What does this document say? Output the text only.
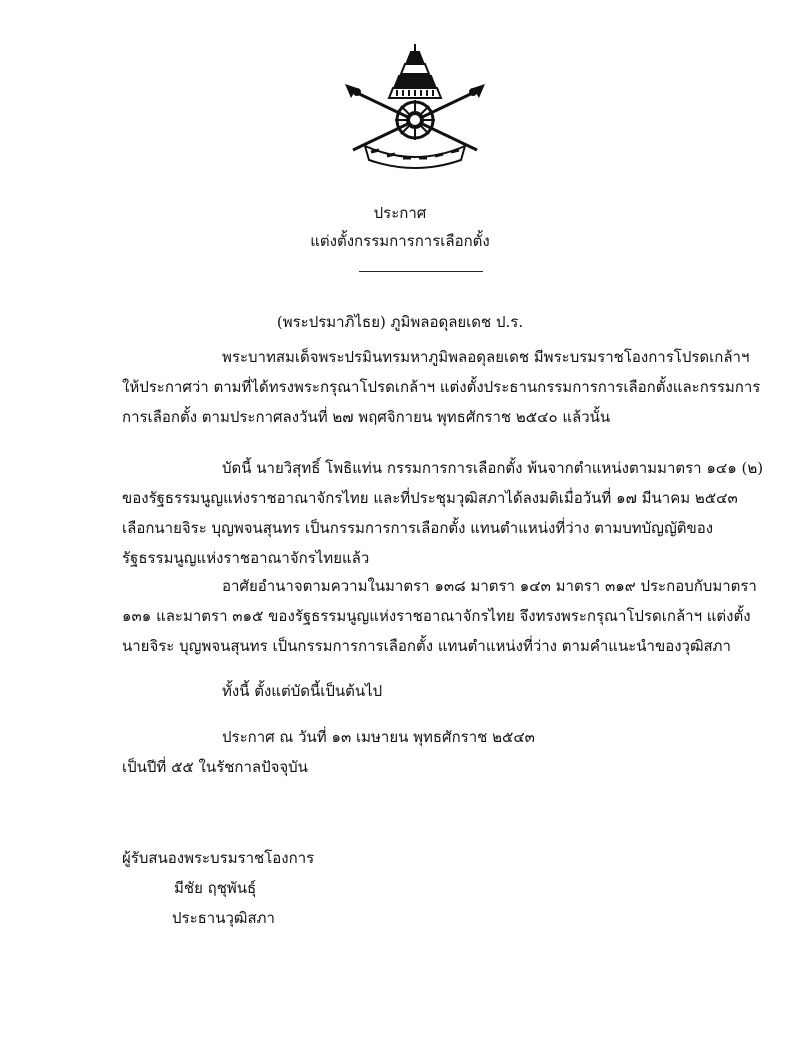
ประกาศ
แต่งตั้งกรรมการการเลือกตั้ง
(พระปรมาภิไธย) ภูมิพลอดุลยเดช ป.ร.
พระบาทสมเด็จพระปรมินทรมหาภูมิพลอดุลยเดช มีพระบรมราชโองการโปรดเกล้าฯ
ให้ประกาศว่า ตามที่ได้ทรงพระกรุณาโปรดเกล้าฯ แต่งตั้งประธานกรรมการการเลือกตั้งและกรรมการ
การเลือกตั้ง ตามประกาศลงวันที่ ๒๗ พฤศจิกายน พุทธศักราช ๒๕๔๐ แล้วนั้น
บัดนี้ นายวิสุทธิ์ โพธิแท่น กรรมการการเลือกตั้ง พ้นจากตำแหน่งตามมาตรา ๑๔๑ (๒)
ของรัฐธรรมนูญแห่งราชอาณาจักรไทย และที่ประชุมวุฒิสภาได้ลงมติเมื่อวันที่ ๑๗ มีนาคม ๒๕๔๓
เลือกนายจิระ บุญพจนสุนทร เป็นกรรมการการเลือกตั้ง แทนตำแหน่งที่ว่าง ตามบทบัญญัติของ
รัฐธรรมนูญแห่งราชอาณาจักรไทยแล้ว
อาศัยอำนาจตามความในมาตรา ๑๓๘ มาตรา ๑๔๓ มาตรา ๓๑๙ ประกอบกับมาตรา
๑๓๑ และมาตรา ๓๑๕ ของรัฐธรรมนูญแห่งราชอาณาจักรไทย จึงทรงพระกรุณาโปรดเกล้าฯ แต่งตั้ง
นายจิระ บุญพจนสุนทร เป็นกรรมการการเลือกตั้ง แทนตำแหน่งที่ว่าง ตามคำแนะนำของวุฒิสภา
ทั้งนี้ ตั้งแต่บัดนี้เป็นต้นไป
ประกาศ ณ วันที่ ๑๓ เมษายน พุทธศักราช ๒๕๔๓
เป็นปีที่ ๕๕ ในรัชกาลปัจจุบัน
ผู้รับสนองพระบรมราชโองการ
มีชัย ฤชุพันธุ์
ประธานวุฒิสภา
